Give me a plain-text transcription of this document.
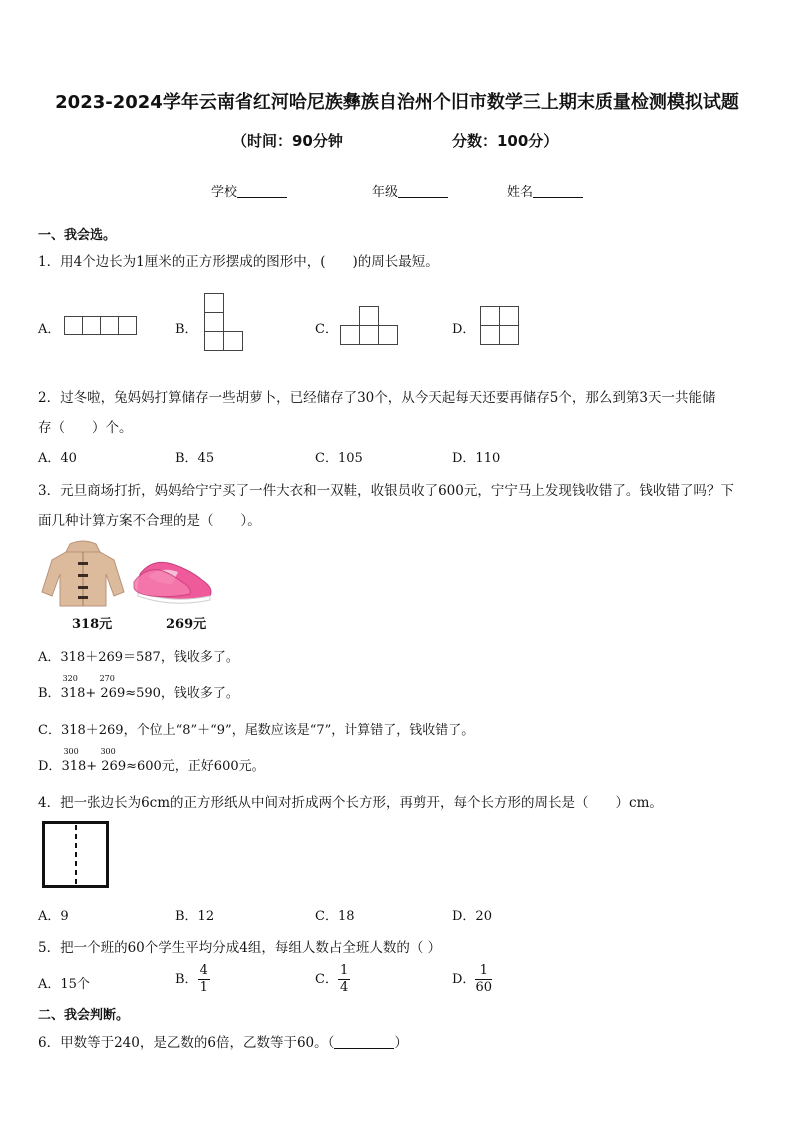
2023-2024学年云南省红河哈尼族彝族自治州个旧市数学三上期末质量检测模拟试题
（时间：90分钟	分数：100分）
学校	年级	姓名
一、我会选。
1．用4个边长为1厘米的正方形摆成的图形中，(　　)的周长最短。
A．	B．	C．	D．
2．过冬啦，兔妈妈打算储存一些胡萝卜，已经储存了30个，从今天起每天还要再储存5个，那么到第3天一共能储
存（　　）个。
A．40	B．45	C．105	D．110
3．元旦商场打折，妈妈给宁宁买了一件大衣和一双鞋，收银员收了600元，宁宁马上发现钱收错了。钱收错了吗？下
面几种计算方案不合理的是（　　）。
318元	269元
A．318＋269＝587，钱收多了。
B．
320	270
318+ 269≈590，钱收多了。
C．318＋269，个位上“8”＋“9”，尾数应该是“7”，计算错了，钱收错了。
D．
300	300
318+ 269≈600元，正好600元。
4．把一张边长为6cm的正方形纸从中间对折成两个长方形，再剪开，每个长方形的周长是（　　）cm。
A．9	B．12	C．18	D．20
5．把一个班的60个学生平均分成4组，每组人数占全班人数的（ ）
A．15个	B． $\frac{4}{1}$	C． $\frac{1}{4}$	D． $\frac{1}{60}$
二、我会判断。
6．甲数等于240，是乙数的6倍，乙数等于60。（	）
